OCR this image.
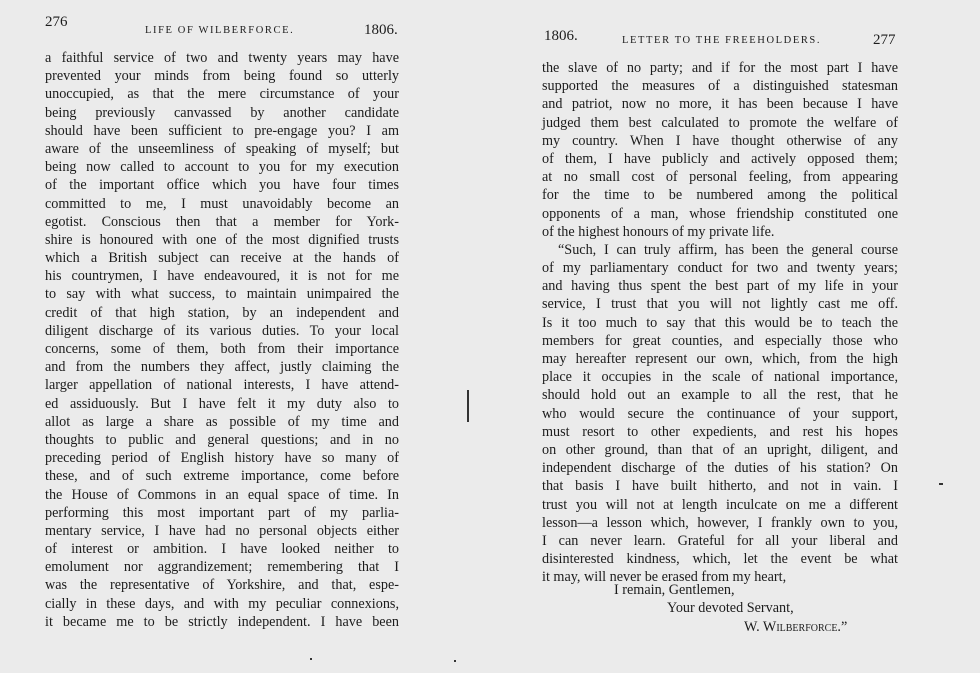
276
LIFE OF WILBERFORCE.	1806.
a faithful service of two and twenty years may have
prevented your minds from being found so utterly
unoccupied, as that the mere circumstance of your
being previously canvassed by another candidate
should have been sufficient to pre-engage you? I am
aware of the unseemliness of speaking of myself; but
being now called to account to you for my execution
of the important office which you have four times
committed to me, I must unavoidably become an
egotist. Conscious then that a member for York-
shire is honoured with one of the most dignified trusts
which a British subject can receive at the hands of
his countrymen, I have endeavoured, it is not for me
to say with what success, to maintain unimpaired the
credit of that high station, by an independent and
diligent discharge of its various duties. To your local
concerns, some of them, both from their importance
and from the numbers they affect, justly claiming the
larger appellation of national interests, I have attend-
ed assiduously. But I have felt it my duty also to
allot as large a share as possible of my time and
thoughts to public and general questions; and in no
preceding period of English history have so many of
these, and of such extreme importance, come before
the House of Commons in an equal space of time. In
performing this most important part of my parlia-
mentary service, I have had no personal objects either
of interest or ambition. I have looked neither to
emolument nor aggrandizement; remembering that I
was the representative of Yorkshire, and that, espe-
cially in these days, and with my peculiar connexions,
it became me to be strictly independent. I have been
1806.	LETTER TO THE FREEHOLDERS.	277
the slave of no party; and if for the most part I have
supported the measures of a distinguished statesman
and patriot, now no more, it has been because I have
judged them best calculated to promote the welfare of
my country. When I have thought otherwise of any
of them, I have publicly and actively opposed them;
at no small cost of personal feeling, from appearing
for the time to be numbered among the political
opponents of a man, whose friendship constituted one
of the highest honours of my private life.
“Such, I can truly affirm, has been the general course
of my parliamentary conduct for two and twenty years;
and having thus spent the best part of my life in your
service, I trust that you will not lightly cast me off.
Is it too much to say that this would be to teach the
members for great counties, and especially those who
may hereafter represent our own, which, from the high
place it occupies in the scale of national importance,
should hold out an example to all the rest, that he
who would secure the continuance of your support,
must resort to other expedients, and rest his hopes
on other ground, than that of an upright, diligent, and
independent discharge of the duties of his station? On
that basis I have built hitherto, and not in vain. I
trust you will not at length inculcate on me a different
lesson—a lesson which, however, I frankly own to you,
I can never learn. Grateful for all your liberal and
disinterested kindness, which, let the event be what
it may, will never be erased from my heart,
I remain, Gentlemen,
Your devoted Servant,
W. Wilberforce.”
